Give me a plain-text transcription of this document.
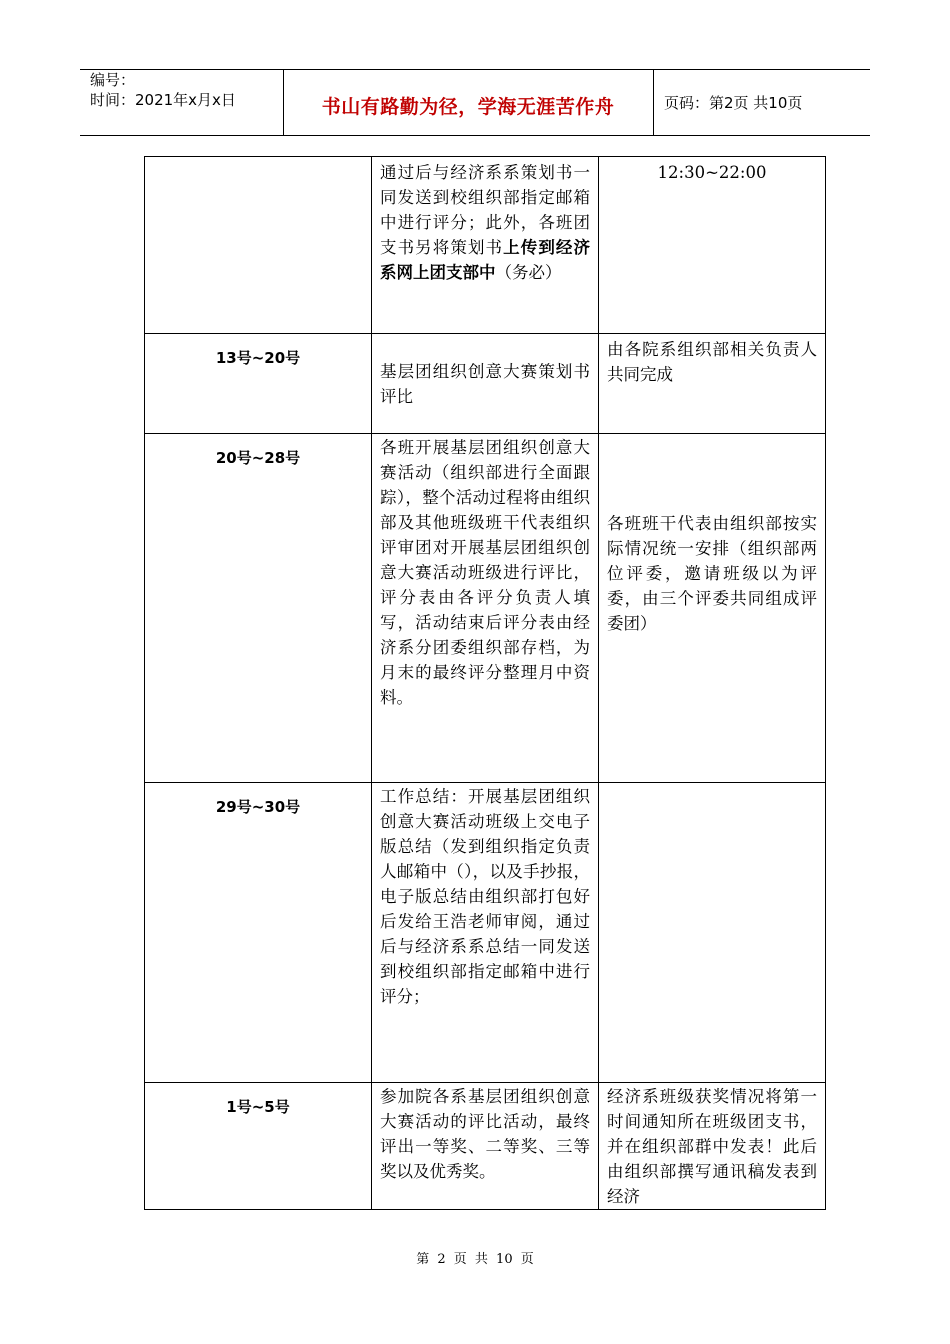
编号：
时间：2021年x月x日	书山有路勤为径，学海无涯苦作舟	页码：第2页 共10页
	通过后与经济系系策划书一同发送到校组织部指定邮箱中进行评分；此外，各班团支书另将策划书上传到经济系网上团支部中（务必）	12:30~22:00
13号~20号	基层团组织创意大赛策划书评比	由各院系组织部相关负责人共同完成
20号~28号	各班开展基层团组织创意大赛活动（组织部进行全面跟踪），整个活动过程将由组织部及其他班级班干代表组织评审团对开展基层团组织创意大赛活动班级进行评比，评分表由各评分负责人填写，活动结束后评分表由经济系分团委组织部存档，为月末的最终评分整理月中资料。	各班班干代表由组织部按实际情况统一安排（组织部两位评委，邀请班级以为评委，由三个评委共同组成评委团）
29号~30号	工作总结：开展基层团组织创意大赛活动班级上交电子版总结（发到组织指定负责人邮箱中（），以及手抄报，电子版总结由组织部打包好后发给王浩老师审阅，通过后与经济系系总结一同发送到校组织部指定邮箱中进行评分；	
1号~5号	参加院各系基层团组织创意大赛活动的评比活动，最终评出一等奖、二等奖、三等奖以及优秀奖。	经济系班级获奖情况将第一时间通知所在班级团支书，并在组织部群中发表！此后由组织部撰写通讯稿发表到经济
第 2 页 共 10 页
